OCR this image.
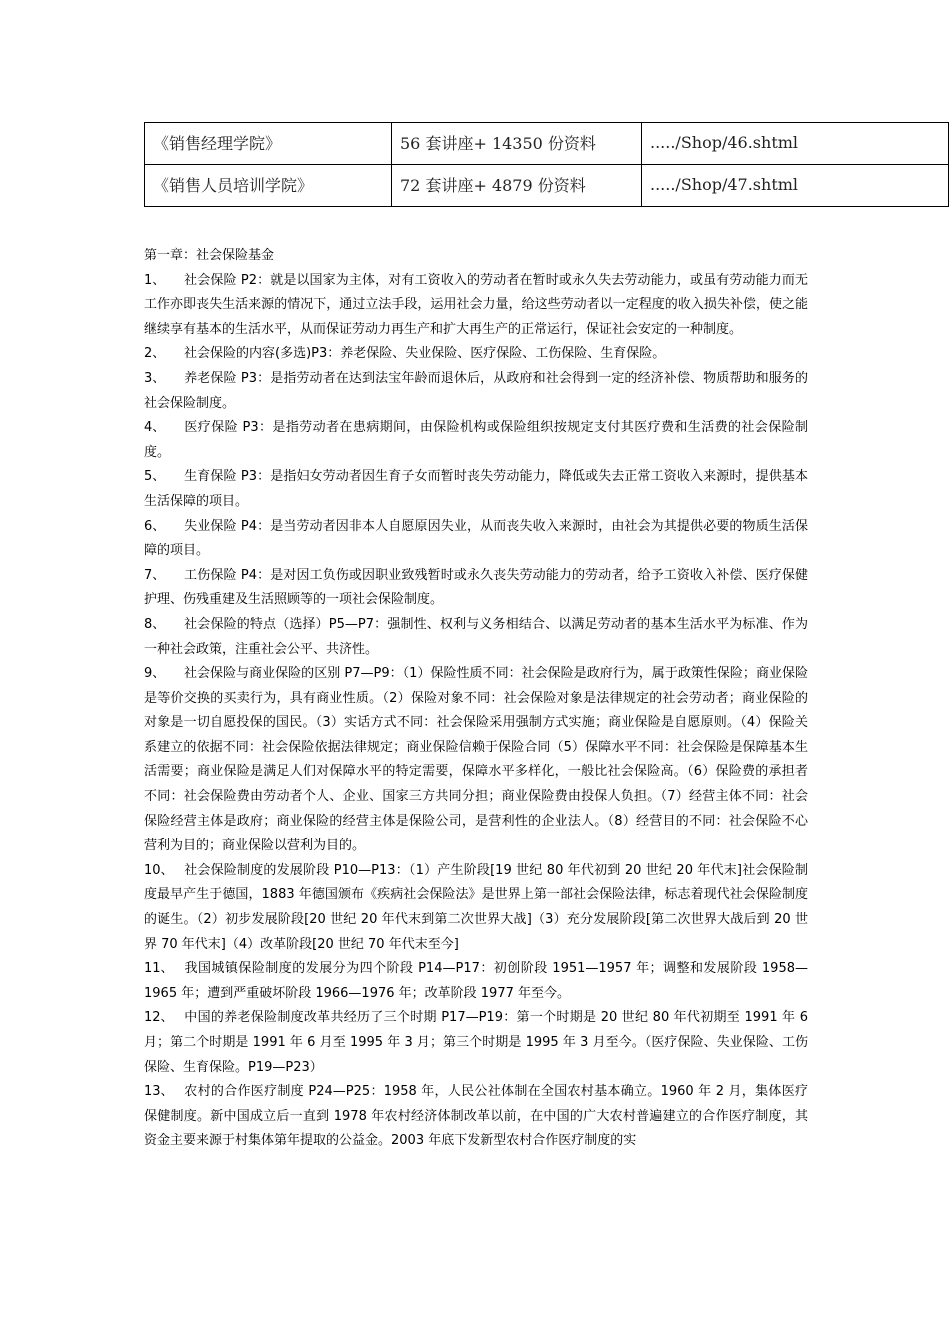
《销售经理学院》	56 套讲座+ 14350 份资料	...../Shop/46.shtml
《销售人员培训学院》	72 套讲座+ 4879 份资料	...../Shop/47.shtml

第一章：社会保险基金

1、 社会保险 P2：就是以国家为主体，对有工资收入的劳动者在暂时或永久失去劳动能力，或虽有劳动能力而无工作亦即丧失生活来源的情况下，通过立法手段，运用社会力量，给这些劳动者以一定程度的收入损失补偿，使之能继续享有基本的生活水平，从而保证劳动力再生产和扩大再生产的正常运行，保证社会安定的一种制度。

2、 社会保险的内容(多选)P3：养老保险、失业保险、医疗保险、工伤保险、生育保险。

3、 养老保险 P3：是指劳动者在达到法宝年龄而退休后，从政府和社会得到一定的经济补偿、物质帮助和服务的社会保险制度。

4、 医疗保险 P3：是指劳动者在患病期间，由保险机构或保险组织按规定支付其医疗费和生活费的社会保险制度。

5、 生育保险 P3：是指妇女劳动者因生育子女而暂时丧失劳动能力，降低或失去正常工资收入来源时，提供基本生活保障的项目。

6、 失业保险 P4：是当劳动者因非本人自愿原因失业，从而丧失收入来源时，由社会为其提供必要的物质生活保障的项目。

7、 工伤保险 P4：是对因工负伤或因职业致残暂时或永久丧失劳动能力的劳动者，给予工资收入补偿、医疗保健护理、伤残重建及生活照顾等的一项社会保险制度。

8、 社会保险的特点（选择）P5—P7：强制性、权利与义务相结合、以满足劳动者的基本生活水平为标准、作为一种社会政策，注重社会公平、共济性。

9、 社会保险与商业保险的区别 P7—P9：（1）保险性质不同：社会保险是政府行为，属于政策性保险；商业保险是等价交换的买卖行为，具有商业性质。（2）保险对象不同：社会保险对象是法律规定的社会劳动者；商业保险的对象是一切自愿投保的国民。（3）实话方式不同：社会保险采用强制方式实施；商业保险是自愿原则。（4）保险关系建立的依据不同：社会保险依据法律规定；商业保险信赖于保险合同（5）保障水平不同：社会保险是保障基本生活需要；商业保险是满足人们对保障水平的特定需要，保障水平多样化，一般比社会保险高。（6）保险费的承担者不同：社会保险费由劳动者个人、企业、国家三方共同分担；商业保险费由投保人负担。（7）经营主体不同：社会保险经营主体是政府；商业保险的经营主体是保险公司，是营利性的企业法人。（8）经营目的不同：社会保险不心营利为目的；商业保险以营利为目的。

10、 社会保险制度的发展阶段 P10—P13：（1）产生阶段[19 世纪 80 年代初到 20 世纪 20 年代末]社会保险制度最早产生于德国，1883 年德国颁布《疾病社会保险法》是世界上第一部社会保险法律，标志着现代社会保险制度的诞生。（2）初步发展阶段[20 世纪 20 年代末到第二次世界大战]（3）充分发展阶段[第二次世界大战后到 20 世界 70 年代末]（4）改革阶段[20 世纪 70 年代末至今]

11、 我国城镇保险制度的发展分为四个阶段 P14—P17：初创阶段 1951—1957 年；调整和发展阶段 1958—1965 年；遭到严重破坏阶段 1966—1976 年；改革阶段 1977 年至今。

12、 中国的养老保险制度改革共经历了三个时期 P17—P19：第一个时期是 20 世纪 80 年代初期至 1991 年 6 月；第二个时期是 1991 年 6 月至 1995 年 3 月；第三个时期是 1995 年 3 月至今。（医疗保险、失业保险、工伤保险、生育保险。P19—P23）

13、 农村的合作医疗制度 P24—P25：1958 年，人民公社体制在全国农村基本确立。1960 年 2 月，集体医疗保健制度。新中国成立后一直到 1978 年农村经济体制改革以前，在中国的广大农村普遍建立的合作医疗制度，其资金主要来源于村集体第年提取的公益金。2003 年底下发新型农村合作医疗制度的实
